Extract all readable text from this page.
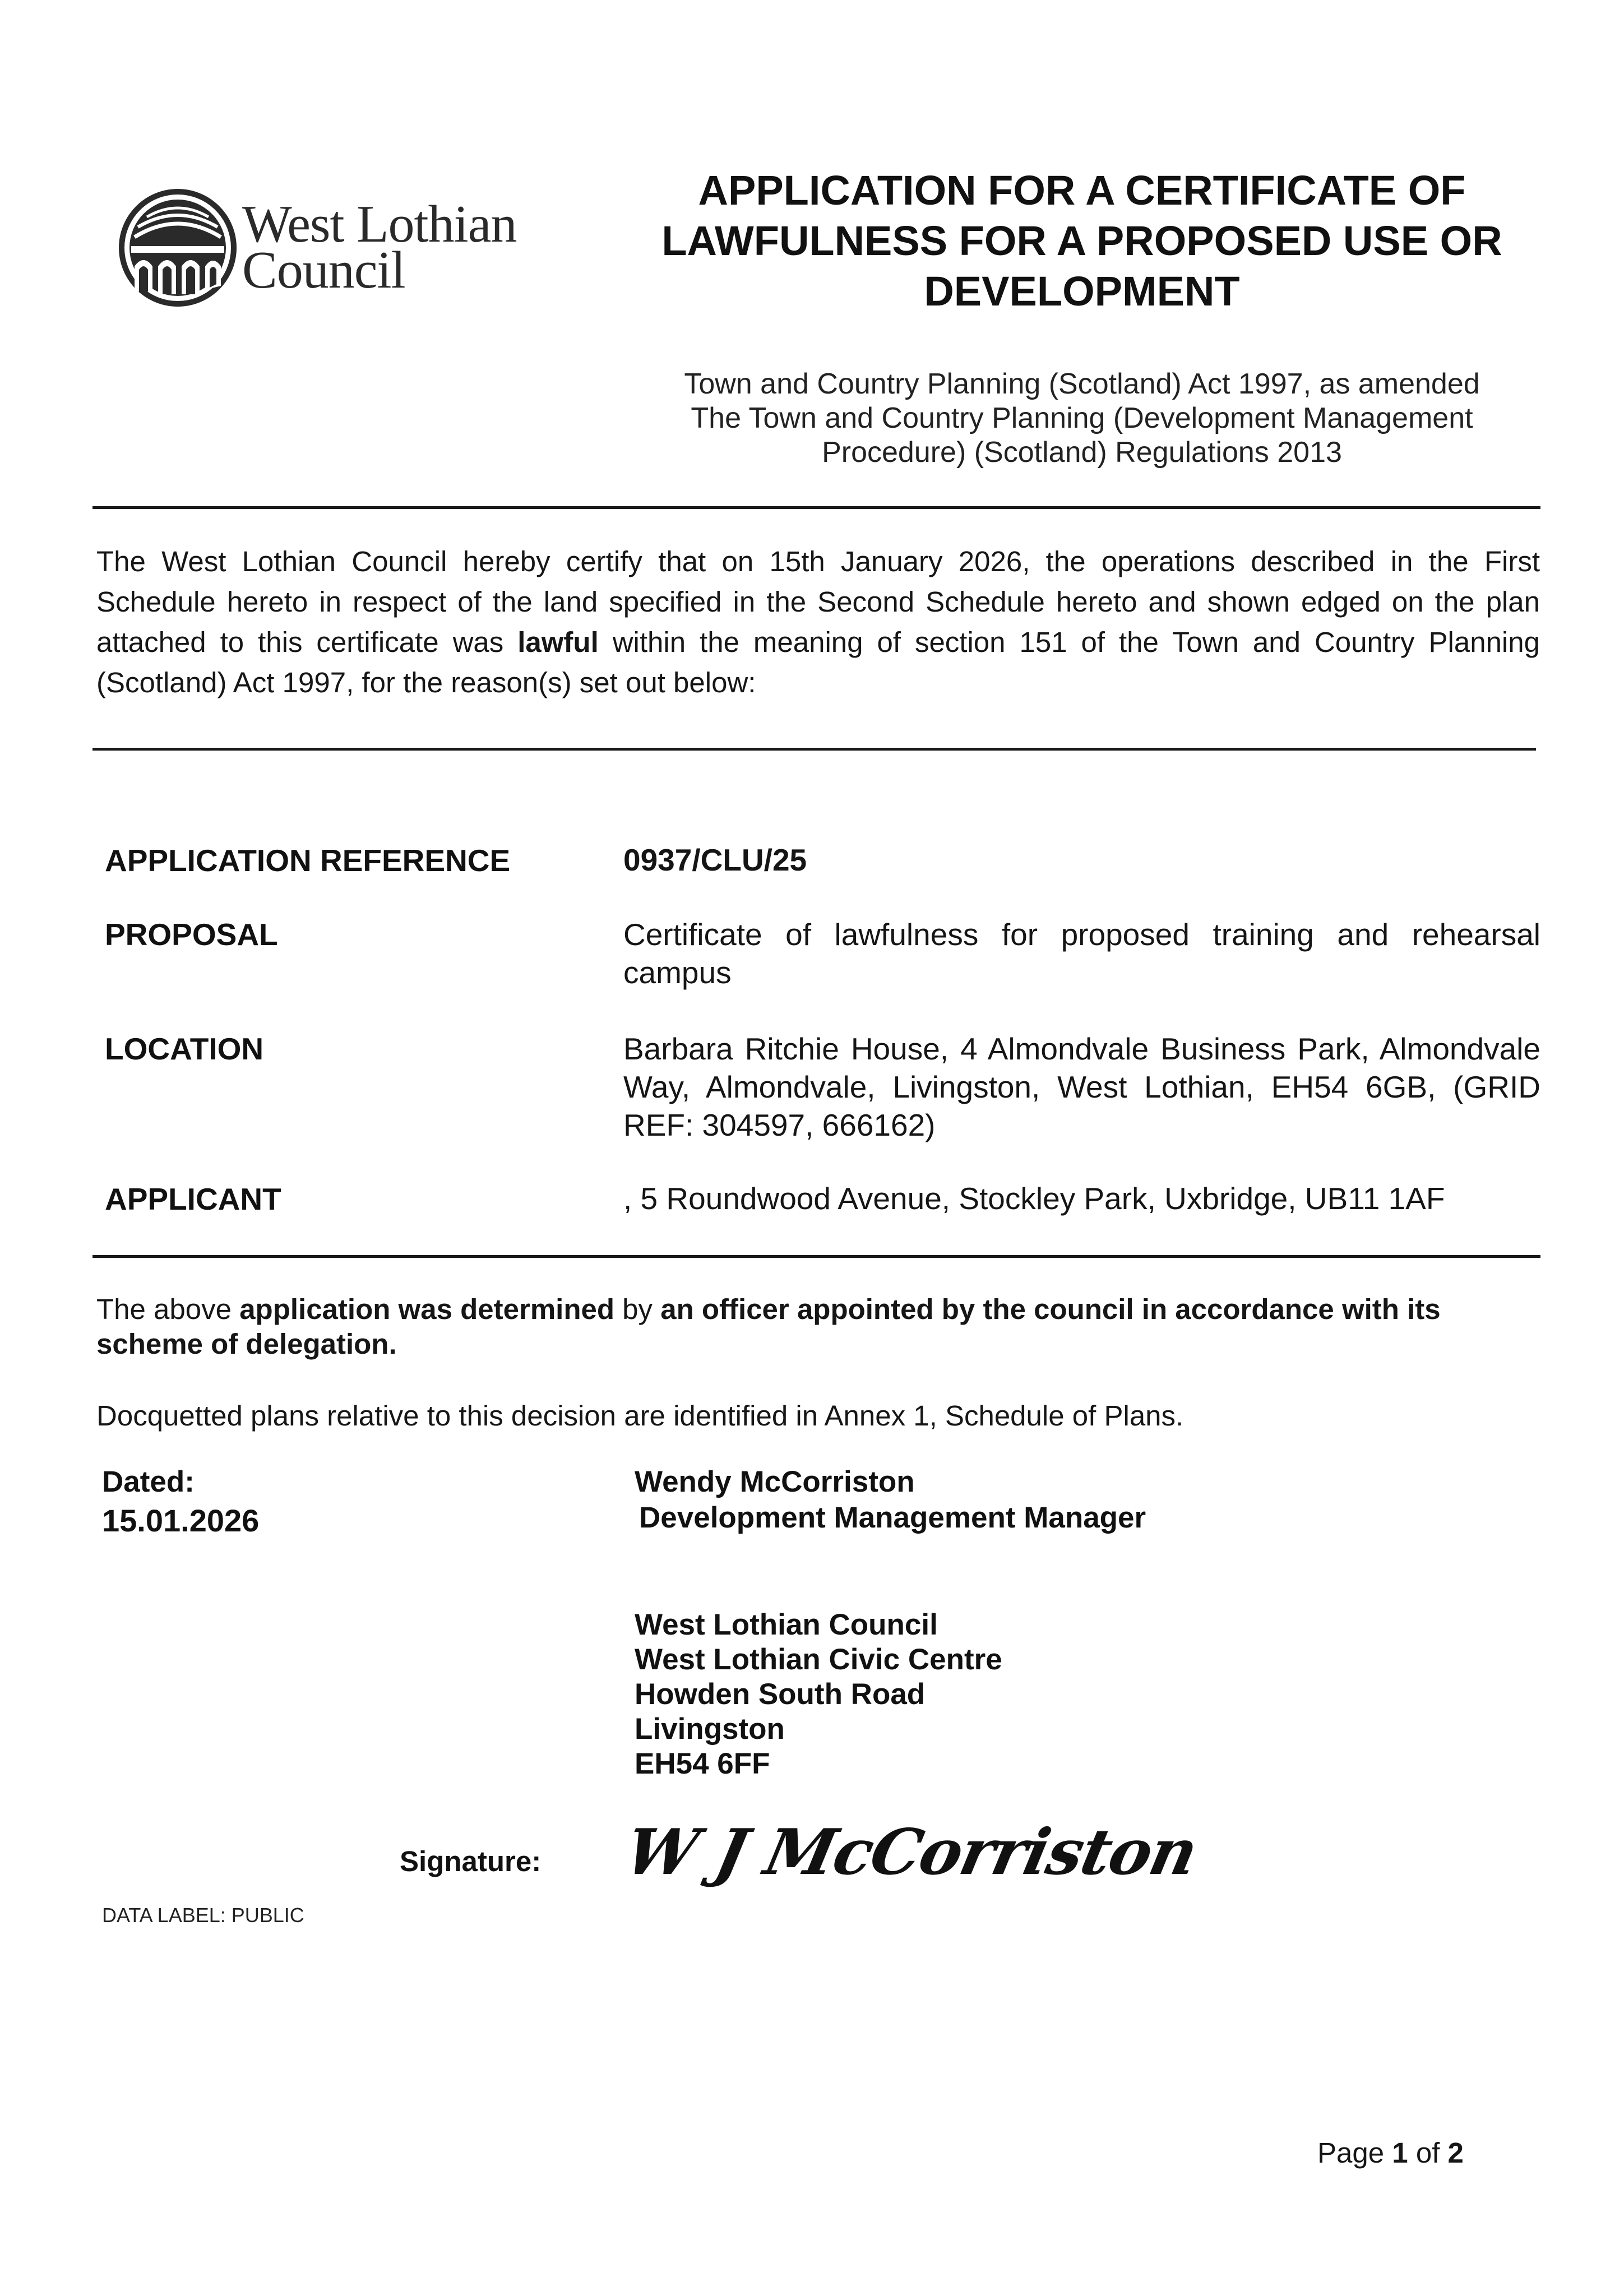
West Lothian
Council
APPLICATION FOR A CERTIFICATE OF
LAWFULNESS FOR A PROPOSED USE OR
DEVELOPMENT
Town and Country Planning (Scotland) Act 1997, as amended
The Town and Country Planning (Development Management
Procedure) (Scotland) Regulations 2013
The West Lothian Council hereby certify that on 15th January 2026, the operations described in the First Schedule hereto in respect of the land specified in the Second Schedule hereto and shown edged on the plan attached to this certificate was lawful within the meaning of section 151 of the Town and Country Planning (Scotland) Act 1997, for the reason(s) set out below:
APPLICATION REFERENCE	0937/CLU/25
PROPOSAL	Certificate of lawfulness for proposed training and rehearsal campus
LOCATION	Barbara Ritchie House, 4 Almondvale Business Park, Almondvale Way, Almondvale, Livingston, West Lothian, EH54 6GB, (GRID REF: 304597, 666162)
APPLICANT	, 5 Roundwood Avenue, Stockley Park, Uxbridge, UB11 1AF
The above application was determined by an officer appointed by the council in accordance with its scheme of delegation.
Docquetted plans relative to this decision are identified in Annex 1, Schedule of Plans.
Dated:
15.01.2026
Wendy McCorriston
Development Management Manager
West Lothian Council
West Lothian Civic Centre
Howden South Road
Livingston
EH54 6FF
Signature: W J McCorriston
DATA LABEL: PUBLIC
Page 1 of 2
